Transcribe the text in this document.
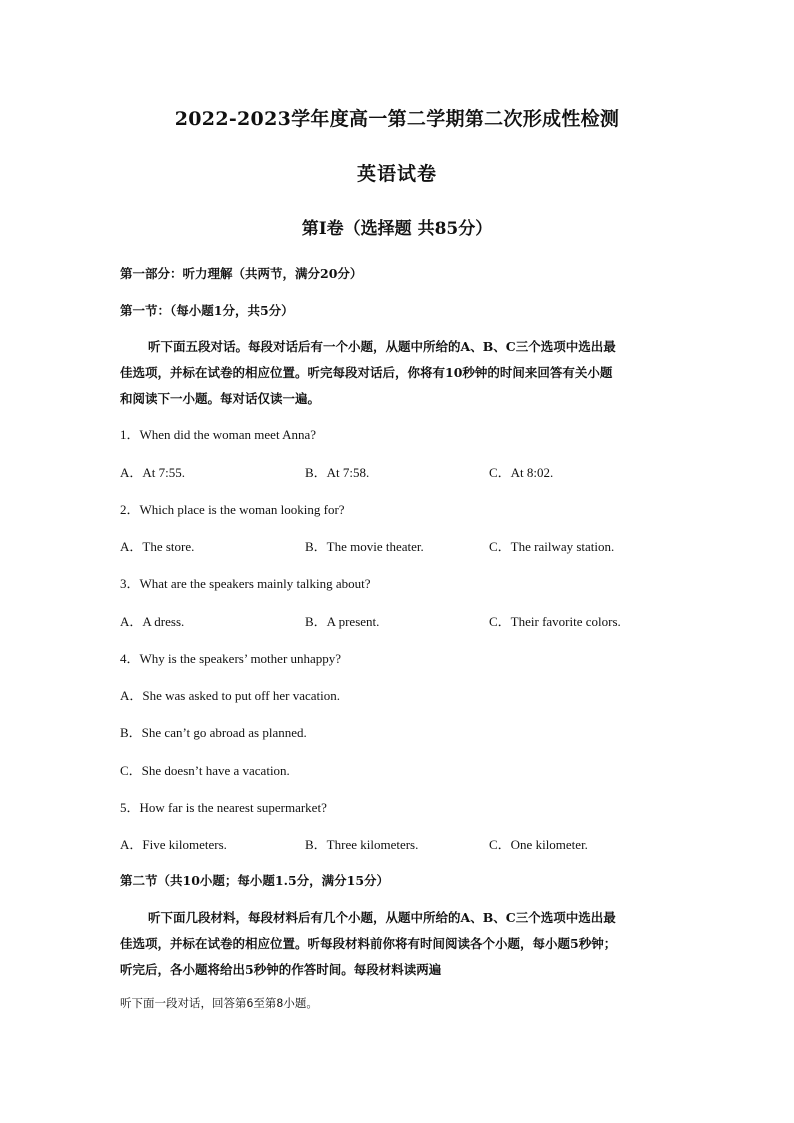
2022-2023学年度高一第二学期第二次形成性检测
英语试卷
第I卷（选择题 共85分）
第一部分：听力理解（共两节，满分20分）
第一节：（每小题1分，共5分）
听下面五段对话。每段对话后有一个小题，从题中所给的A、B、C三个选项中选出最
佳选项，并标在试卷的相应位置。听完每段对话后，你将有10秒钟的时间来回答有关小题
和阅读下一小题。每对话仅读一遍。
1．When did the woman meet Anna?
A．At 7:55.	B．At 7:58.	C．At 8:02.
2．Which place is the woman looking for?
A．The store.	B．The movie theater.	C．The railway station.
3．What are the speakers mainly talking about?
A．A dress.	B．A present.	C．Their favorite colors.
4．Why is the speakers’ mother unhappy?
A．She was asked to put off her vacation.
B．She can’t go abroad as planned.
C．She doesn’t have a vacation.
5．How far is the nearest supermarket?
A．Five kilometers.	B．Three kilometers.	C．One kilometer.
第二节（共10小题；每小题1.5分，满分15分）
听下面几段材料，每段材料后有几个小题，从题中所给的A、B、C三个选项中选出最
佳选项，并标在试卷的相应位置。听每段材料前你将有时间阅读各个小题，每小题5秒钟；
听完后，各小题将给出5秒钟的作答时间。每段材料读两遍
听下面一段对话，回答第6至第8小题。
